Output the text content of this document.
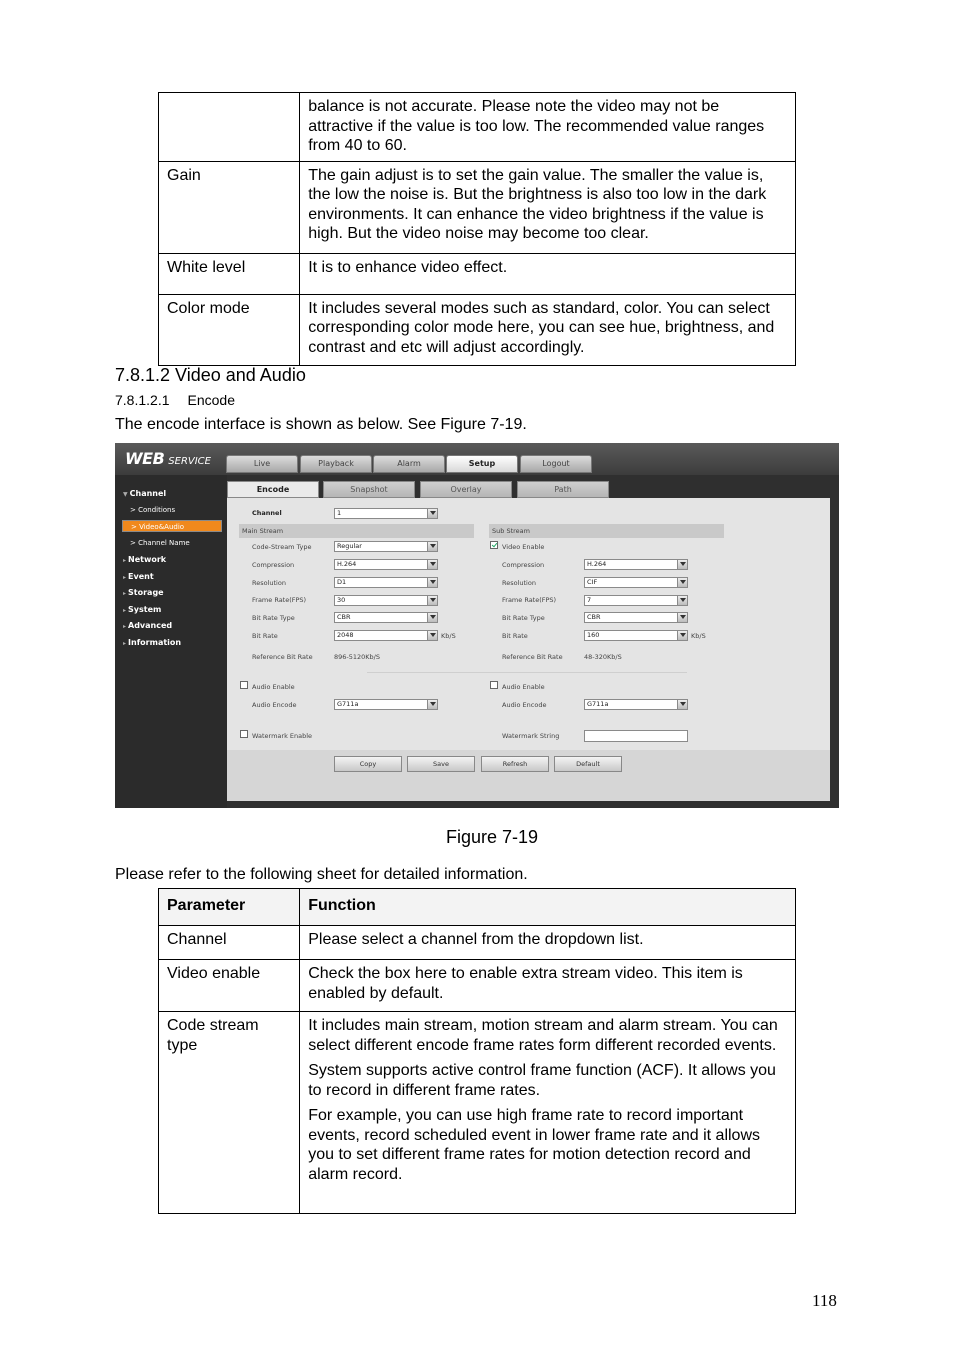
	balance is not accurate. Please note the video may not be attractive if the value is too low. The recommended value ranges from 40 to 60.
Gain	The gain adjust is to set the gain value. The smaller the value is, the low the noise is. But the brightness is also too low in the dark environments. It can enhance the video brightness if the value is high. But the video noise may become too clear.
White level	It is to enhance video effect.
Color mode	It includes several modes such as standard, color. You can select corresponding color mode here, you can see hue, brightness, and contrast and etc will adjust accordingly.
7.8.1.2 Video and Audio
7.8.1.2.1 Encode
The encode interface is shown as below. See Figure 7-19.
WEB SERVICE	Live	Playback	Alarm	Setup	Logout
▼ Channel
> Conditions
> Video&Audio
> Channel Name
▸ Network
▸ Event
▸ Storage
▸ System
▸ Advanced
▸ Information
Encode	Snapshot	Overlay	Path
Channel	1
Main Stream	Sub Stream
Code-Stream Type	Regular
Compression	H.264
Resolution	D1
Frame Rate(FPS)	30
Bit Rate Type	CBR
Bit Rate	2048	Kb/S
Reference Bit Rate	896-5120Kb/S
Audio Enable
Audio Encode	G711a
Watermark Enable
Video Enable
Compression	H.264
Resolution	CIF
Frame Rate(FPS)	7
Bit Rate Type	CBR
Bit Rate	160	Kb/S
Reference Bit Rate	48-320Kb/S
Audio Enable
Audio Encode	G711a
Watermark String
Copy	Save	Refresh	Default
Figure 7-19
Please refer to the following sheet for detailed information.
Parameter	Function
Channel	Please select a channel from the dropdown list.
Video enable	Check the box here to enable extra stream video. This item is enabled by default.
Code stream type	It includes main stream, motion stream and alarm stream. You can select different encode frame rates form different recorded events.

System supports active control frame function (ACF). It allows you to record in different frame rates.

For example, you can use high frame rate to record important events, record scheduled event in lower frame rate and it allows you to set different frame rates for motion detection record and alarm record.

118
